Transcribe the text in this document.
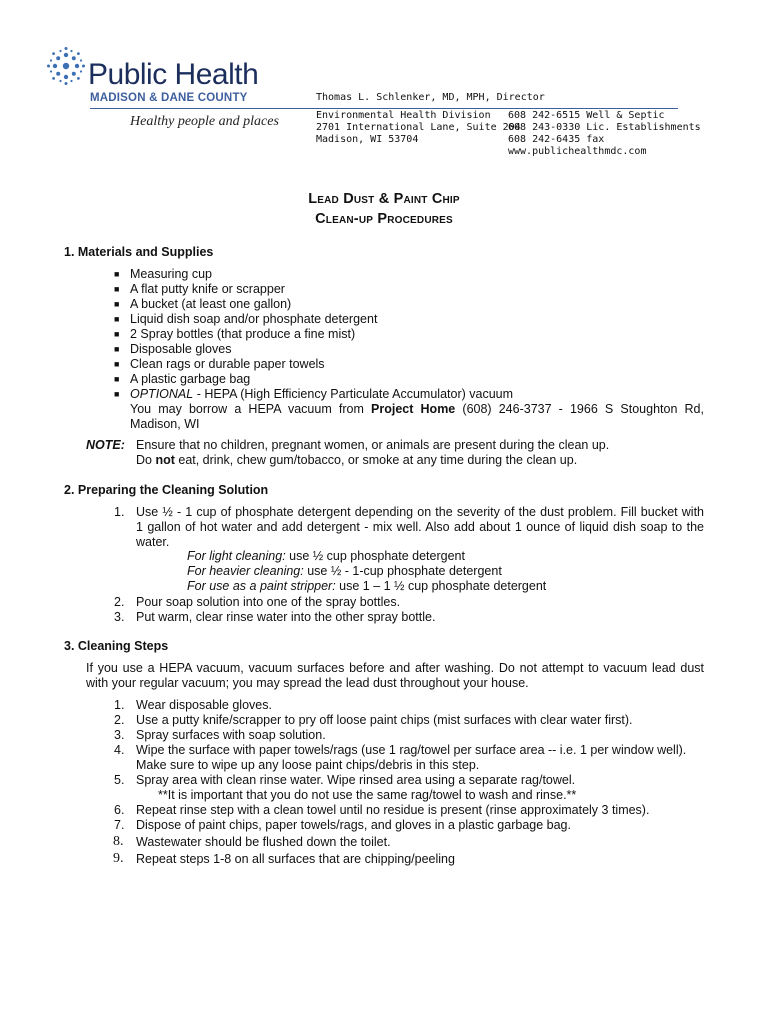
Public Health
MADISON & DANE COUNTY
Healthy people and places
Thomas L. Schlenker, MD, MPH, Director
Environmental Health Division
2701 International Lane, Suite 204
Madison, WI 53704
608 242-6515 Well & Septic
608 243-0330 Lic. Establishments
608 242-6435 fax
www.publichealthmdc.com
Lead Dust & Paint Chip
Clean-up Procedures
1. Materials and Supplies
■ Measuring cup
■ A flat putty knife or scrapper
■ A bucket (at least one gallon)
■ Liquid dish soap and/or phosphate detergent
■ 2 Spray bottles (that produce a fine mist)
■ Disposable gloves
■ Clean rags or durable paper towels
■ A plastic garbage bag
■ OPTIONAL - HEPA (High Efficiency Particulate Accumulator) vacuum
You may borrow a HEPA vacuum from Project Home (608) 246-3737 - 1966 S Stoughton Rd,
Madison, WI
NOTE: Ensure that no children, pregnant women, or animals are present during the clean up.
Do not eat, drink, chew gum/tobacco, or smoke at any time during the clean up.
2. Preparing the Cleaning Solution
1. Use ½ - 1 cup of phosphate detergent depending on the severity of the dust problem. Fill bucket with
1 gallon of hot water and add detergent - mix well. Also add about 1 ounce of liquid dish soap to the
water.
For light cleaning: use ½ cup phosphate detergent
For heavier cleaning: use ½ - 1-cup phosphate detergent
For use as a paint stripper: use 1 – 1 ½ cup phosphate detergent
2. Pour soap solution into one of the spray bottles.
3. Put warm, clear rinse water into the other spray bottle.
3. Cleaning Steps
If you use a HEPA vacuum, vacuum surfaces before and after washing. Do not attempt to vacuum lead dust
with your regular vacuum; you may spread the lead dust throughout your house.
1. Wear disposable gloves.
2. Use a putty knife/scrapper to pry off loose paint chips (mist surfaces with clear water first).
3. Spray surfaces with soap solution.
4. Wipe the surface with paper towels/rags (use 1 rag/towel per surface area -- i.e. 1 per window well).
Make sure to wipe up any loose paint chips/debris in this step.
5. Spray area with clean rinse water. Wipe rinsed area using a separate rag/towel.
**It is important that you do not use the same rag/towel to wash and rinse.**
6. Repeat rinse step with a clean towel until no residue is present (rinse approximately 3 times).
7. Dispose of paint chips, paper towels/rags, and gloves in a plastic garbage bag.
8. Wastewater should be flushed down the toilet.
9. Repeat steps 1-8 on all surfaces that are chipping/peeling
